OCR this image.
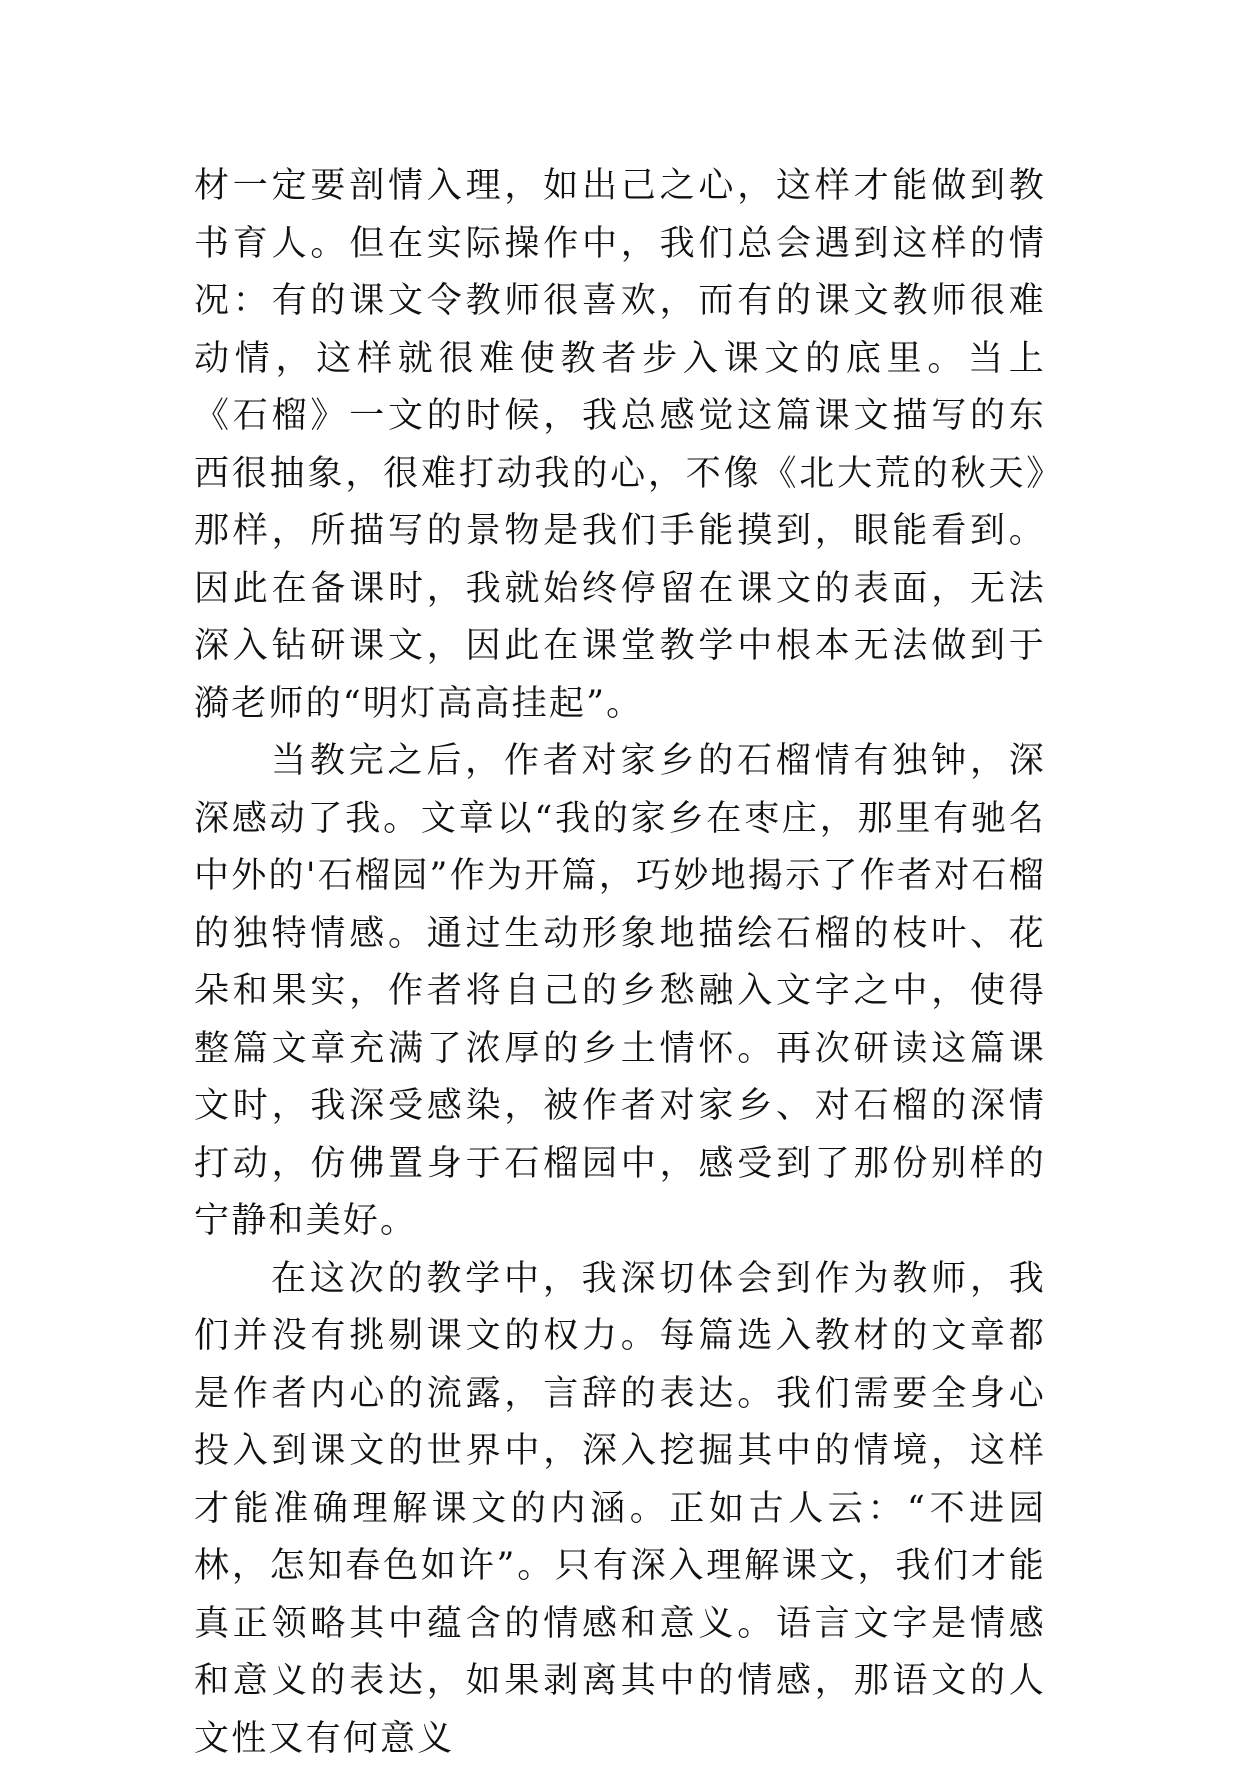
材一定要剖情入理，如出己之心，这样才能做到教书育人。但在实际操作中，我们总会遇到这样的情况：有的课文令教师很喜欢，而有的课文教师很难动情，这样就很难使教者步入课文的底里。当上《石榴》一文的时候，我总感觉这篇课文描写的东西很抽象，很难打动我的心，不像《北大荒的秋天》那样，所描写的景物是我们手能摸到，眼能看到。因此在备课时，我就始终停留在课文的表面，无法深入钻研课文，因此在课堂教学中根本无法做到于漪老师的“明灯高高挂起”。

当教完之后，作者对家乡的石榴情有独钟，深深感动了我。文章以“我的家乡在枣庄，那里有驰名中外的'石榴园”作为开篇，巧妙地揭示了作者对石榴的独特情感。通过生动形象地描绘石榴的枝叶、花朵和果实，作者将自己的乡愁融入文字之中，使得整篇文章充满了浓厚的乡土情怀。再次研读这篇课文时，我深受感染，被作者对家乡、对石榴的深情打动，仿佛置身于石榴园中，感受到了那份别样的宁静和美好。

在这次的教学中，我深切体会到作为教师，我们并没有挑剔课文的权力。每篇选入教材的文章都是作者内心的流露，言辞的表达。我们需要全身心投入到课文的世界中，深入挖掘其中的情境，这样才能准确理解课文的内涵。正如古人云：“不进园林，怎知春色如许”。只有深入理解课文，我们才能真正领略其中蕴含的情感和意义。语言文字是情感和意义的表达，如果剥离其中的情感，那语文的人文性又有何意义
